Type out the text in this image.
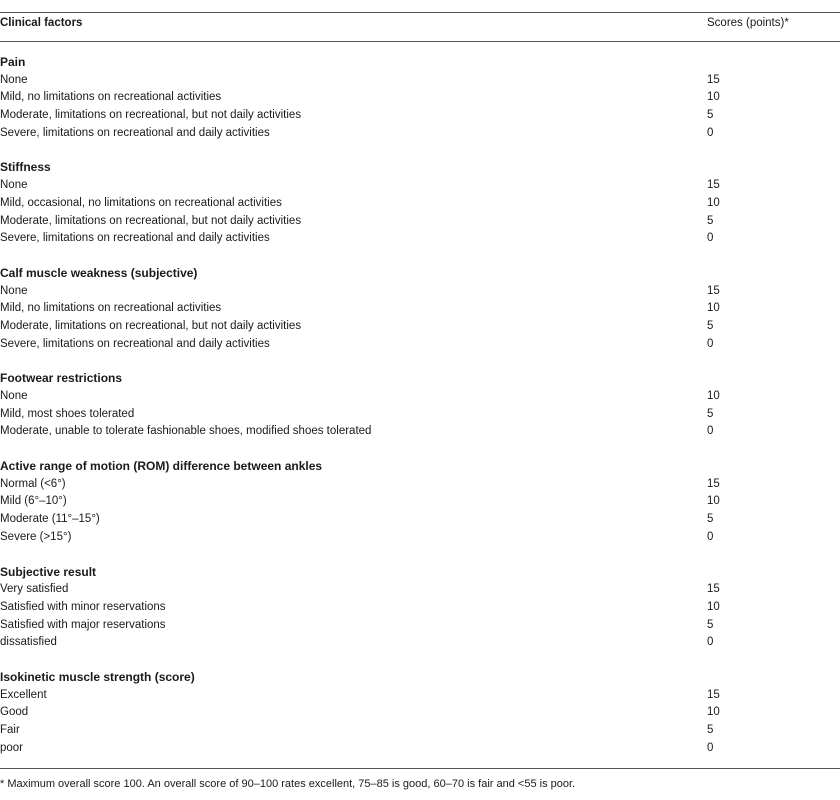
Clinical factors	Scores (points)*
Pain
None	15
Mild, no limitations on recreational activities	10
Moderate, limitations on recreational, but not daily activities	5
Severe, limitations on recreational and daily activities	0
Stiffness
None	15
Mild, occasional, no limitations on recreational activities	10
Moderate, limitations on recreational, but not daily activities	5
Severe, limitations on recreational and daily activities	0
Calf muscle weakness (subjective)
None	15
Mild, no limitations on recreational activities	10
Moderate, limitations on recreational, but not daily activities	5
Severe, limitations on recreational and daily activities	0
Footwear restrictions
None	10
Mild, most shoes tolerated	5
Moderate, unable to tolerate fashionable shoes, modified shoes tolerated	0
Active range of motion (ROM) difference between ankles
Normal (<6°)	15
Mild (6°–10°)	10
Moderate (11°–15°)	5
Severe (>15°)	0
Subjective result
Very satisfied	15
Satisfied with minor reservations	10
Satisfied with major reservations	5
dissatisfied	0
Isokinetic muscle strength (score)
Excellent	15
Good	10
Fair	5
poor	0
* Maximum overall score 100. An overall score of 90–100 rates excellent, 75–85 is good, 60–70 is fair and <55 is poor.
